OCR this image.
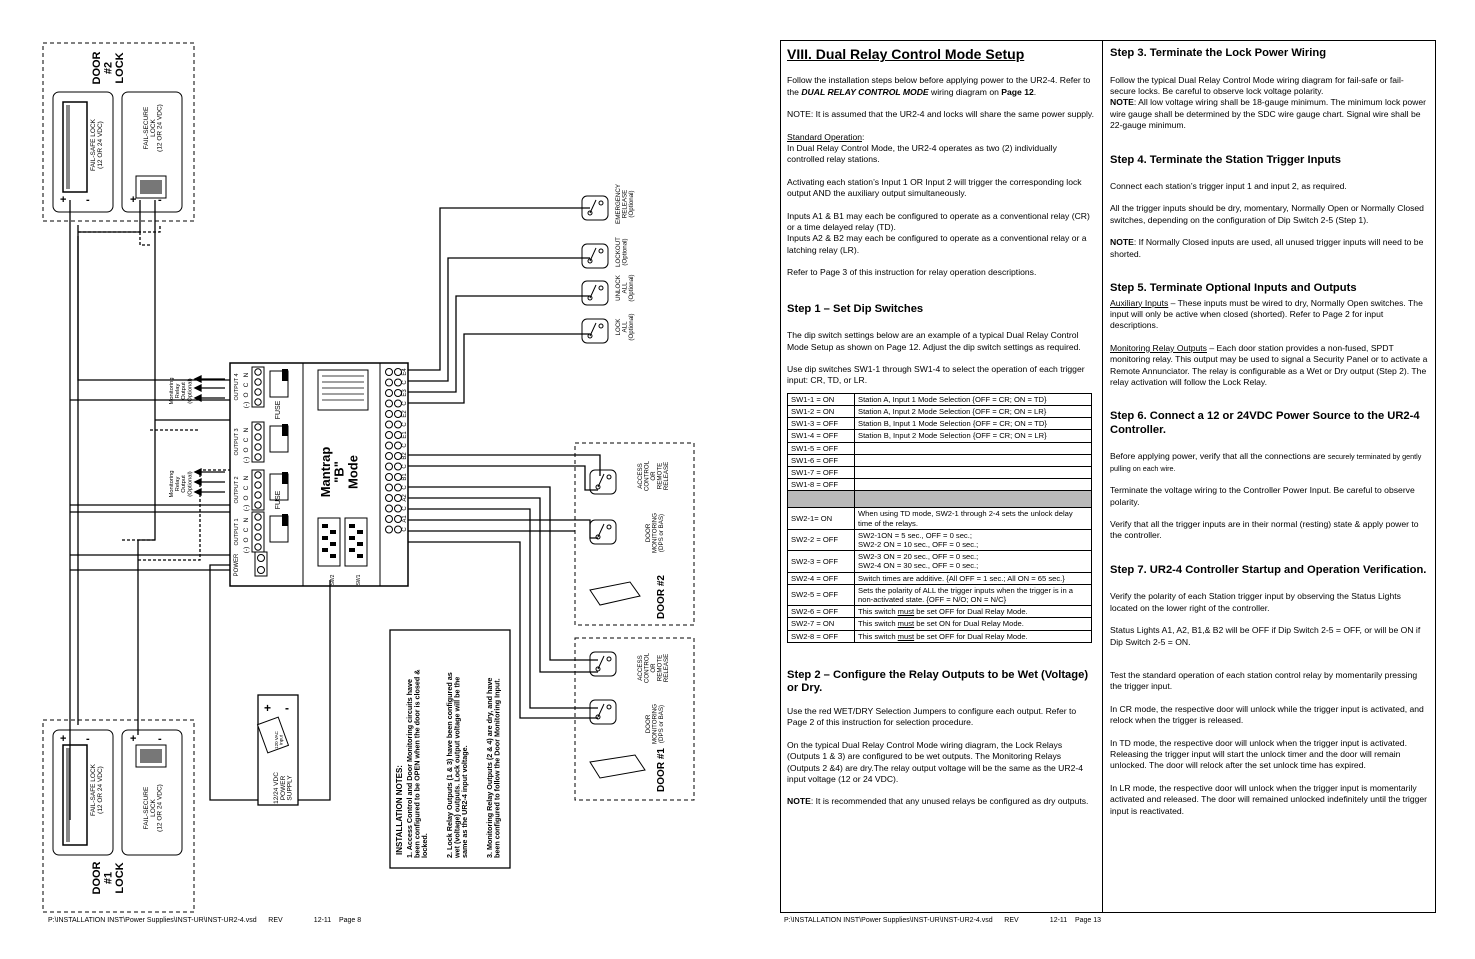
DOOR #2 LOCK
FAIL-SAFE LOCK (12 OR 24 VDC)	FAIL-SECURE LOCK (12 OR 24 VDC)
DOOR #1 LOCK
FAIL-SAFE LOCK (12 OR 24 VDC)	FAIL-SECURE LOCK (12 OR 24 VDC)
+ -	+ -
+ -	+ -
EMERGENCY RELEASE (Optional)
LOCKOUT (Optional)
UNLOCK ALL (Optional)
LOCK ALL (Optional)
ACCESS CONTROL OR REMOTE RELEASE
DOOR MONITORING (DPS or BAS)
DOOR #2
ACCESS CONTROL OR REMOTE RELEASE
DOOR MONITORING (DPS or BAS)
DOOR #1
Monitoring Relay Output (Optional)
Monitoring Relay Output (Optional)	Mantrap
"B"
Mode
OUTPUT 4 N
C
O
(-)
OUTPUT 3 N
C
O
(-)
OUTPUT 2 N
C
O
(-)
OUTPUT 1 N
C
O
(-)
FUSE
FUSE
POWER
SW2	SW1
E4
C
E3
C
E2
C
E1
C
B2
C
B1
C
A2
C
A1
C
12/24 VDC POWER SUPPLY
+ -
120 VAC Input
INSTALLATION NOTES: 1. Access Control and Door Monitoring circuits have
been configured to be OPEN when the door is closed &
locked. 2. Lock Relay Outputs (1 & 3) have been configured as
wet (voltage) outputs. Lock output voltage will be the
same as the UR2-4 input voltage. 3. Monitoring Relay Outputs (2 & 4) are dry, and have
been configured to follow the Door Monitoring Input.
P:\INSTALLATION INST\Power Supplies\INST-UR\INST-UR2-4.vsd      REV                12-11    Page 8
VIII. Dual Relay Control Mode Setup

Follow the installation steps below before applying power to the UR2-4. Refer to the DUAL RELAY CONTROL MODE wiring diagram on Page 12.

NOTE: It is assumed that the UR2-4 and locks will share the same power supply.

Standard Operation:
In Dual Relay Control Mode, the UR2-4 operates as two (2) individually controlled relay stations.

Activating each station’s Input 1 OR Input 2 will trigger the corresponding lock output AND the auxiliary output simultaneously.

Inputs A1 & B1 may each be configured to operate as a conventional relay (CR) or a time delayed relay (TD).
Inputs A2 & B2 may each be configured to operate as a conventional relay or a latching relay (LR).

Refer to Page 3 of this instruction for relay operation descriptions.

Step 1 – Set Dip Switches

The dip switch settings below are an example of a typical Dual Relay Control Mode Setup as shown on Page 12. Adjust the dip switch settings as required.

Use dip switches SW1-1 through SW1-4 to select the operation of each trigger input: CR, TD, or LR.

SW1-1 = ON	Station A, Input 1 Mode Selection {OFF = CR; ON = TD}
SW1-2 = ON	Station A, Input 2 Mode Selection {OFF = CR; ON = LR}
SW1-3 = OFF	Station B, Input 1 Mode Selection {OFF = CR; ON = TD}
SW1-4 = OFF	Station B, Input 2 Mode Selection {OFF = CR; ON = LR}
SW1-5 = OFF	
SW1-6 = OFF	
SW1-7 = OFF	
SW1-8 = OFF	

SW2-1= ON	When using TD mode, SW2-1 through 2-4 sets the unlock delay time of the relays.
SW2-2 = OFF	SW2-1ON = 5 sec., OFF = 0 sec.;
SW2-2 ON = 10 sec., OFF = 0 sec.;
SW2-3 = OFF	SW2-3 ON = 20 sec., OFF = 0 sec.;
SW2-4 ON = 30 sec., OFF = 0 sec.;
SW2-4 = OFF	Switch times are additive. {All OFF = 1 sec.; All ON = 65 sec.}
SW2-5 = OFF	Sets the polarity of ALL the trigger inputs when the trigger is in a non-activated state. {OFF = N/O; ON = N/C}
SW2-6 = OFF	This switch must be set OFF for Dual Relay Mode.
SW2-7 = ON	This switch must be set ON for Dual Relay Mode.
SW2-8 = OFF	This switch must be set OFF for Dual Relay Mode.
Step 2 – Configure the Relay Outputs to be Wet (Voltage) or Dry.

Use the red WET/DRY Selection Jumpers to configure each output. Refer to Page 2 of this instruction for selection procedure.

On the typical Dual Relay Control Mode wiring diagram, the Lock Relays (Outputs 1 & 3) are configured to be wet outputs. The Monitoring Relays (Outputs 2 &4) are dry.The relay output voltage will be the same as the UR2-4 input voltage (12 or 24 VDC).

NOTE: It is recommended that any unused relays be configured as dry outputs.

Step 3. Terminate the Lock Power Wiring

Follow the typical Dual Relay Control Mode wiring diagram for fail-safe or fail-secure locks. Be careful to observe lock voltage polarity.
NOTE: All low voltage wiring shall be 18-gauge minimum. The minimum lock power wire gauge shall be determined by the SDC wire gauge chart. Signal wire shall be 22-gauge minimum.

Step 4. Terminate the Station Trigger Inputs

Connect each station’s trigger input 1 and input 2, as required.

All the trigger inputs should be dry, momentary, Normally Open or Normally Closed switches, depending on the configuration of Dip Switch 2-5 (Step 1).

NOTE: If Normally Closed inputs are used, all unused trigger inputs will need to be shorted.

Step 5. Terminate Optional Inputs and Outputs

Auxiliary Inputs – These inputs must be wired to dry, Normally Open switches. The input will only be active when closed (shorted). Refer to Page 2 for input descriptions.

Monitoring Relay Outputs – Each door station provides a non-fused, SPDT monitoring relay. This output may be used to signal a Security Panel or to activate a Remote Annunciator. The relay is configurable as a Wet or Dry output (Step 2). The relay activation will follow the Lock Relay.

Step 6. Connect a 12 or 24VDC Power Source to the UR2-4 Controller.

Before applying power, verify that all the connections are securely terminated by gently pulling on each wire.

Terminate the voltage wiring to the Controller Power Input. Be careful to observe polarity.

Verify that all the trigger inputs are in their normal (resting) state & apply power to the controller.

Step 7. UR2-4 Controller Startup and Operation Verification.

Verify the polarity of each Station trigger input by observing the Status Lights located on the lower right of the controller.

Status Lights A1, A2, B1,& B2 will be OFF if Dip Switch 2-5 = OFF, or will be ON if Dip Switch 2-5 = ON.

Test the standard operation of each station control relay by momentarily pressing the trigger input.

In CR mode, the respective door will unlock while the trigger input is activated, and relock when the trigger is released.

In TD mode, the respective door will unlock when the trigger input is activated. Releasing the trigger input will start the unlock timer and the door will remain unlocked. The door will relock after the set unlock time has expired.

In LR mode, the respective door will unlock when the trigger input is momentarily activated and released. The door will remained unlocked indefinitely until the trigger input is reactivated.

P:\INSTALLATION INST\Power Supplies\INST-UR\INST-UR2-4.vsd      REV                12-11    Page 13
